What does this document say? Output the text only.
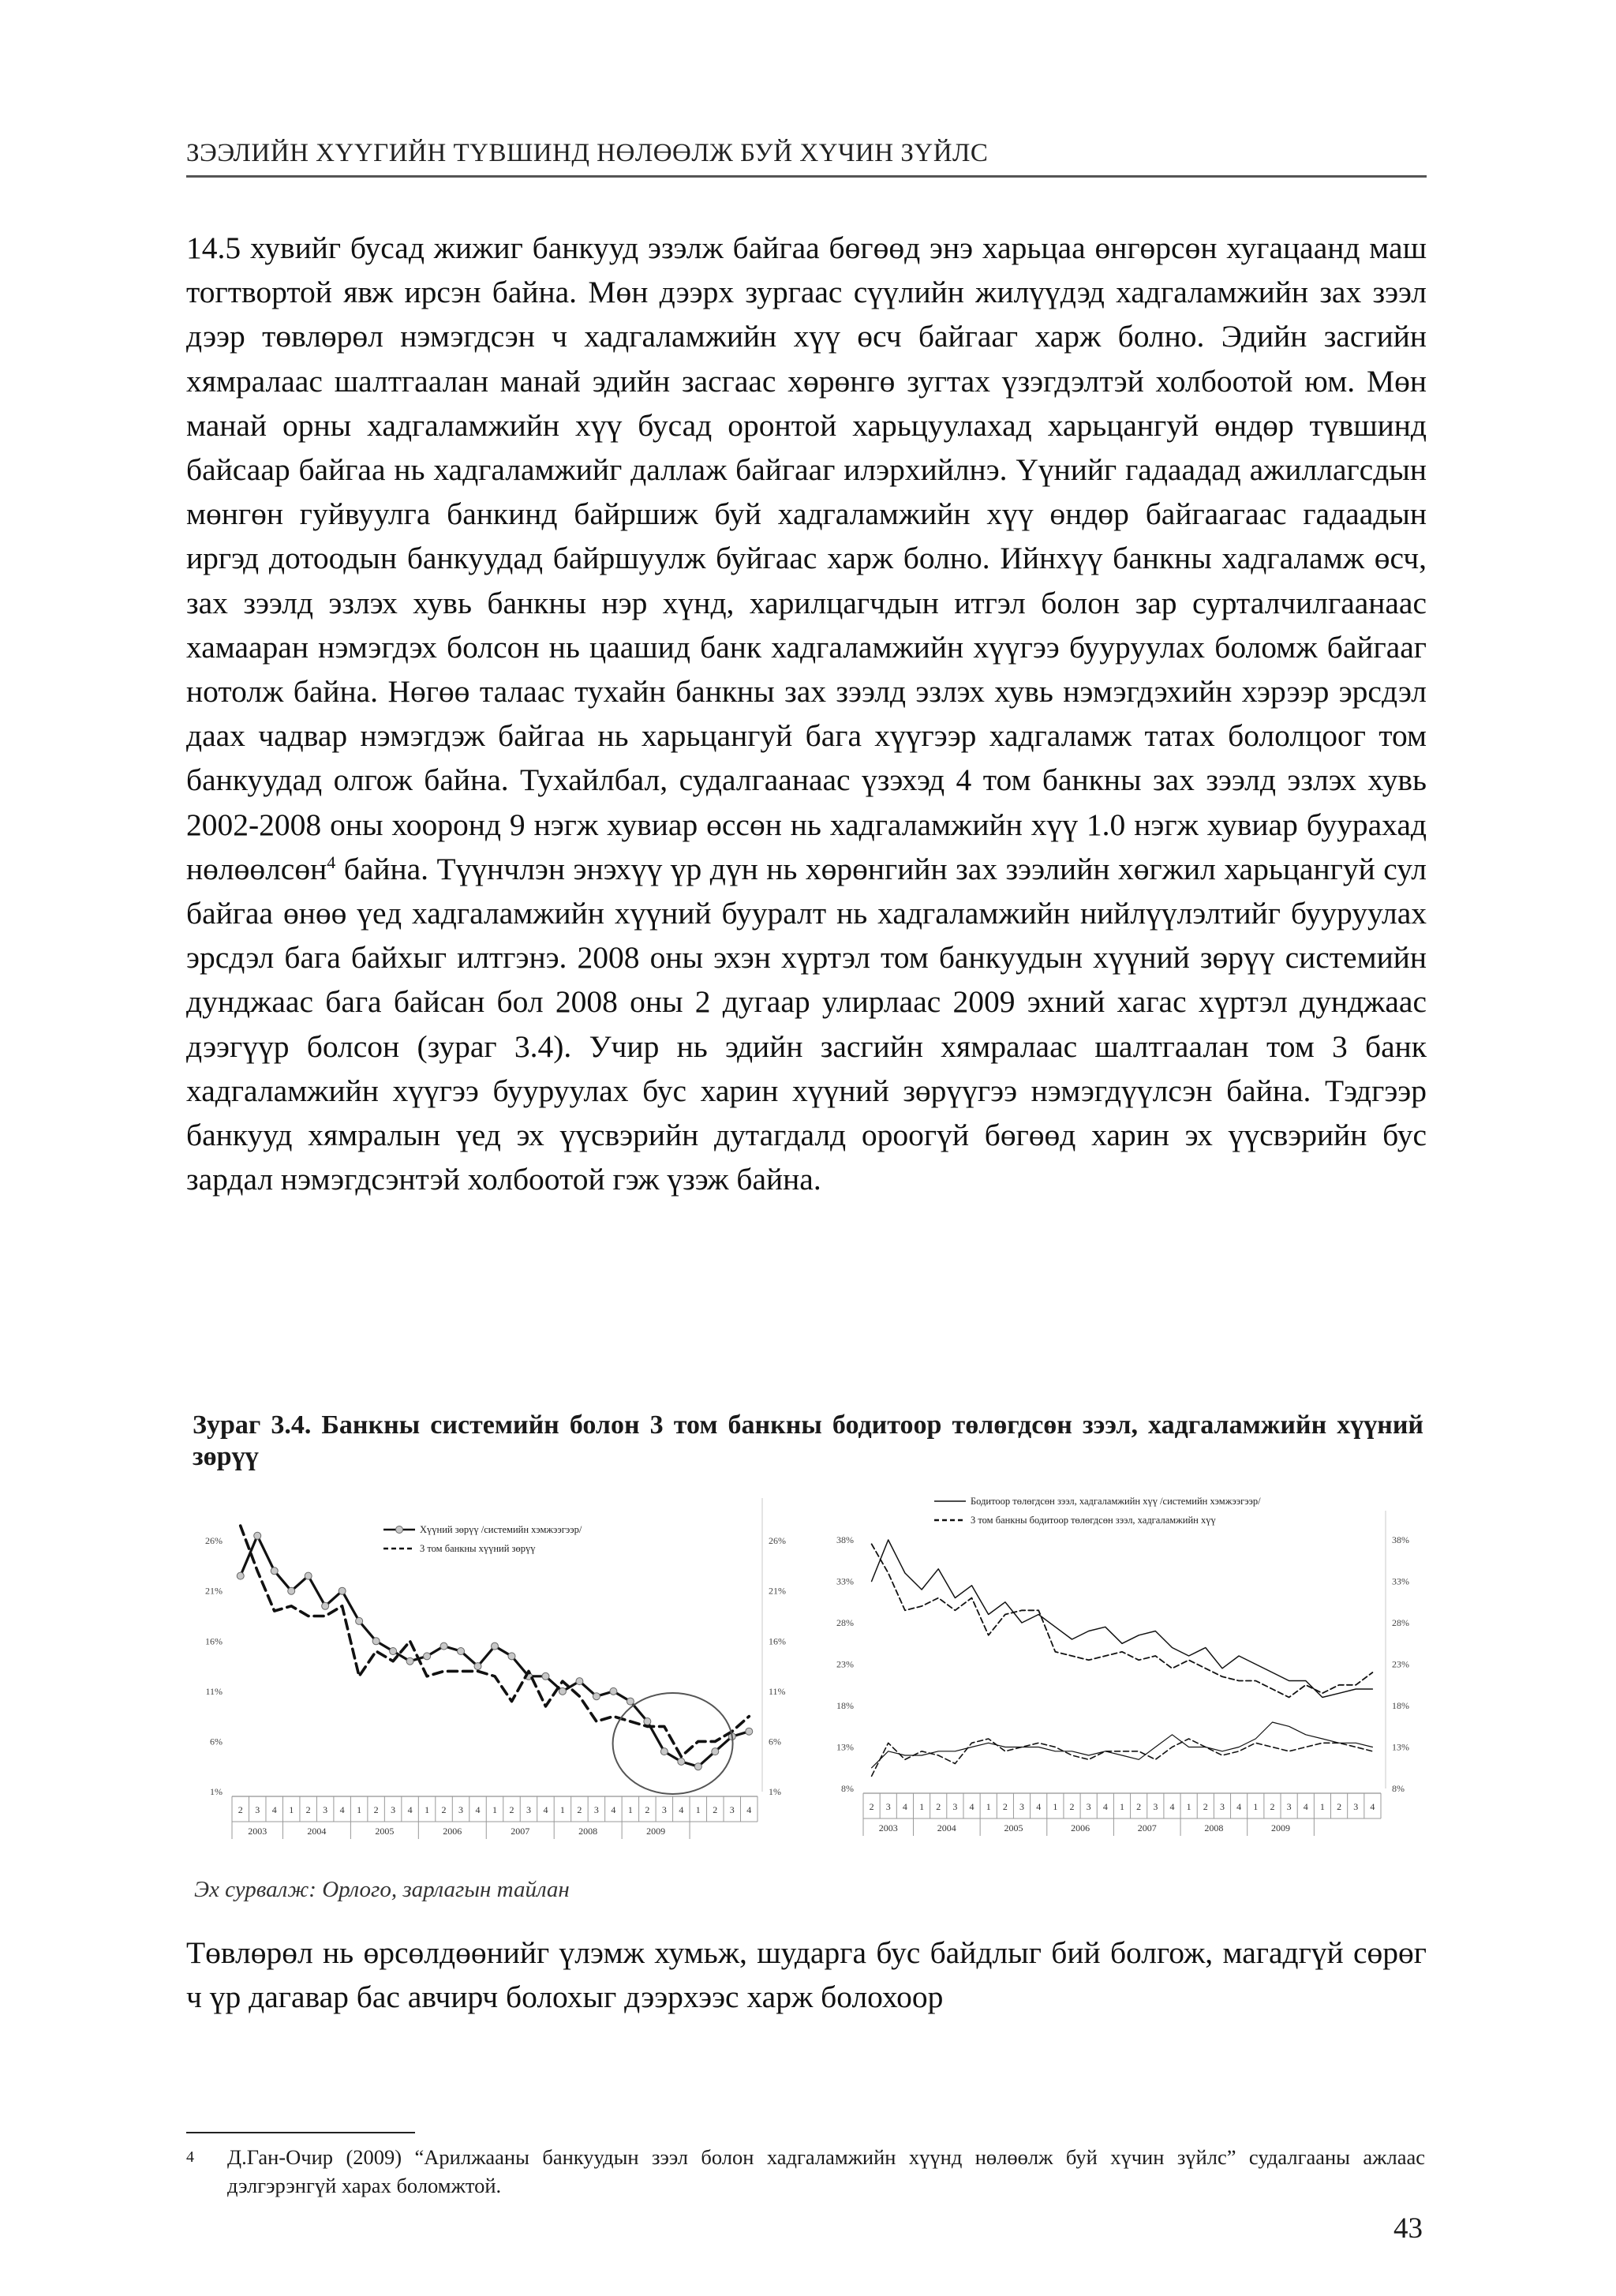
ЗЭЭЛИЙН ХҮҮГИЙН ТҮВШИНД НӨЛӨӨЛЖ БУЙ ХҮЧИН ЗҮЙЛС

14.5 хувийг бусад жижиг банкууд эзэлж байгаа бөгөөд энэ харьцаа өнгөрсөн хугацаанд маш тогтвортой явж ирсэн байна. Мөн дээрх зургаас сүүлийн жилүүдэд хадгаламжийн зах зээл дээр төвлөрөл нэмэгдсэн ч хадгаламжийн хүү өсч байгааг харж болно. Эдийн засгийн хямралаас шалтгаалан манай эдийн засгаас хөрөнгө зугтах үзэгдэлтэй холбоотой юм. Мөн манай орны хадгаламжийн хүү бусад оронтой харьцуулахад харьцангуй өндөр түвшинд байсаар байгаа нь хадгаламжийг даллаж байгааг илэрхийлнэ. Үүнийг гадаадад ажиллагсдын мөнгөн гуйвуулга банкинд байршиж буй хадгаламжийн хүү өндөр байгаагаас гадаадын иргэд дотоодын банкуудад байршуулж буйгаас харж болно. Ийнхүү банкны хадгаламж өсч, зах зээлд эзлэх хувь банкны нэр хүнд, харилцагчдын итгэл болон зар сурталчилгаанаас хамааран нэмэгдэх болсон нь цаашид банк хадгаламжийн хүүгээ бууруулах боломж байгааг нотолж байна. Нөгөө талаас тухайн банкны зах зээлд эзлэх хувь нэмэгдэхийн хэрээр эрсдэл даах чадвар нэмэгдэж байгаа нь харьцангуй бага хүүгээр хадгаламж татах бололцоог том банкуудад олгож байна. Тухайлбал, судалгаанаас үзэхэд 4 том банкны зах зээлд эзлэх хувь 2002-2008 оны хооронд 9 нэгж хувиар өссөн нь хадгаламжийн хүү 1.0 нэгж хувиар буурахад нөлөөлсөн$^4$ байна. Түүнчлэн энэхүү үр дүн нь хөрөнгийн зах зээлийн хөгжил харьцангуй сул байгаа өнөө үед хадгаламжийн хүүний бууралт нь хадгаламжийн нийлүүлэлтийг бууруулах эрсдэл бага байхыг илтгэнэ. 2008 оны эхэн хүртэл том банкуудын хүүний зөрүү системийн дунджаас бага байсан бол 2008 оны 2 дугаар улирлаас 2009 эхний хагас хүртэл дунджаас дээгүүр болсон (зураг 3.4). Учир нь эдийн засгийн хямралаас шалтгаалан том 3 банк хадгаламжийн хүүгээ бууруулах бус харин хүүний зөрүүгээ нэмэгдүүлсэн байна. Тэдгээр банкууд хямралын үед эх үүсвэрийн дутагдалд ороогүй бөгөөд харин эх үүсвэрийн бус зардал нэмэгдсэнтэй холбоотой гэж үзэж байна.

Зураг 3.4. Банкны системийн болон 3 том банкны бодитоор төлөгдсөн зээл, хадгаламжийн хүүний зөрүү

1%	1%
6%	6%
11%	11%
16%	16%
21%	21%
26%	26%
2 3 4 1 2 3 4 1 2 3 4 1 2 3 4 1 2 3 4 1 2 3 4 1 2 3 4 1 2 3 4
2003	2004	2005	2006	2007	2008	2009
Хүүний зөрүү /системийн хэмжээгээр/
3 том банкны хүүний зөрүү
8%	8%
13%	13%
18%	18%
23%	23%
28%	28%
33%	33%
38%	38%
2 3 4 1 2 3 4 1 2 3 4 1 2 3 4 1 2 3 4 1 2 3 4 1 2 3 4 1 2 3 4
2003	2004	2005	2006	2007	2008	2009
Бодитоор төлөгдсөн зээл, хадгаламжийн хүү /системийн хэмжээгээр/
3 том банкны бодитоор төлөгдсөн зээл, хадгаламжийн хүү
Эх сурвалж: Орлого, зарлагын тайлан

Төвлөрөл нь өрсөлдөөнийг үлэмж хумьж, шударга бус байдлыг бий болгож, магадгүй сөрөг ч үр дагавар бас авчирч болохыг дээрхээс харж болохоор

4 Д.Ган-Очир (2009) “Арилжааны банкуудын зээл болон хадгаламжийн хүүнд нөлөөлж буй хүчин зүйлс” судалгааны ажлаас дэлгэрэнгүй харах боломжтой.
43
